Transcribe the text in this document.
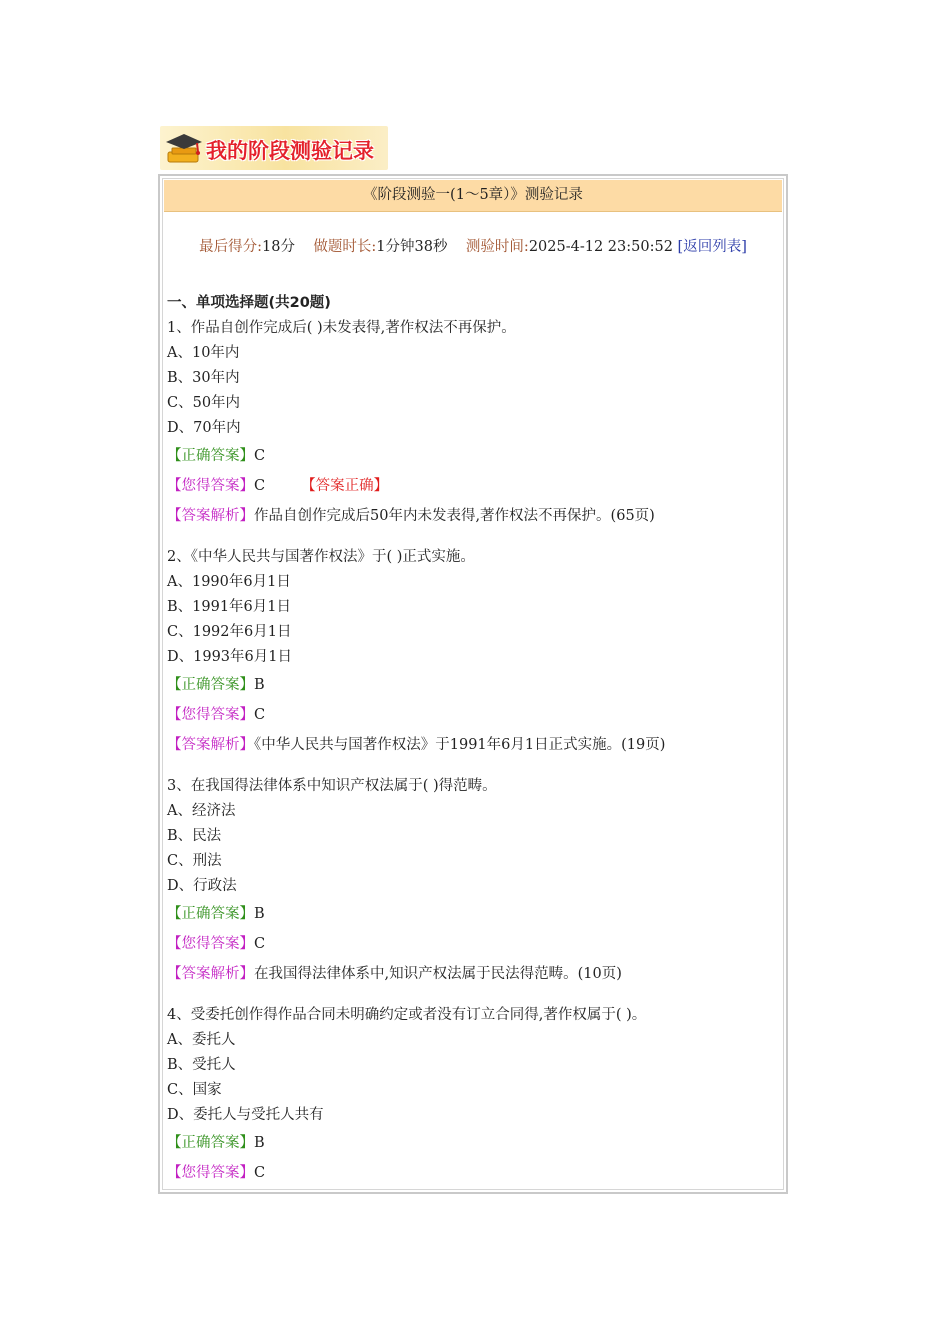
我的阶段测验记录
《阶段测验一(1～5章）》测验记录
最后得分:18分 做题时长:1分钟38秒 测验时间:2025-4-12 23:50:52 [返回列表]
一、单项选择题(共20题)
1、作品自创作完成后( )未发表得,著作权法不再保护。
A、10年内
B、30年内
C、50年内
D、70年内
【正确答案】C
【您得答案】C 【答案正确】
【答案解析】作品自创作完成后50年内未发表得,著作权法不再保护。(65页)
2、《中华人民共与国著作权法》于( )正式实施。
A、1990年6月1日
B、1991年6月1日
C、1992年6月1日
D、1993年6月1日
【正确答案】B
【您得答案】C
【答案解析】《中华人民共与国著作权法》于1991年6月1日正式实施。(19页)
3、在我国得法律体系中知识产权法属于( )得范畴。
A、经济法
B、民法
C、刑法
D、行政法
【正确答案】B
【您得答案】C
【答案解析】在我国得法律体系中,知识产权法属于民法得范畴。(10页)
4、受委托创作得作品合同未明确约定或者没有订立合同得,著作权属于( )。
A、委托人
B、受托人
C、国家
D、委托人与受托人共有
【正确答案】B
【您得答案】C
